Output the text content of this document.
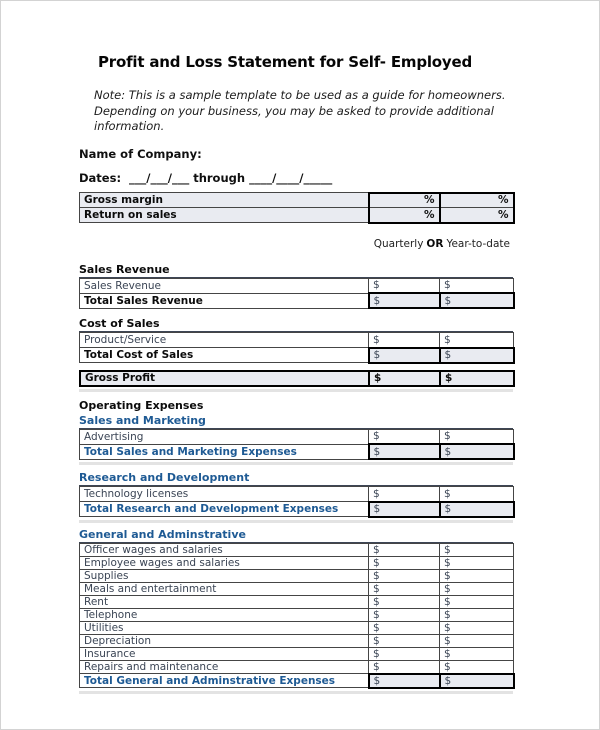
Profit and Loss Statement for Self- Employed
Note: This is a sample template to be used as a guide for homeowners.
Depending on your business, you may be asked to provide additional information.
Name of Company:
Dates: ___/___/___ through ____/____/_____
Gross margin	%	%
Return on sales	%	%
Quarterly OR Year-to-date
Sales Revenue
Sales Revenue	$	$
Total Sales Revenue	$	$
Cost of Sales
Product/Service	$	$
Total Cost of Sales	$	$
Gross Profit	$	$
Operating Expenses
Sales and Marketing
Advertising	$	$
Total Sales and Marketing Expenses	$	$
Research and Development
Technology licenses	$	$
Total Research and Development Expenses	$	$
General and Adminstrative
Officer wages and salaries	$	$
Employee wages and salaries	$	$
Supplies	$	$
Meals and entertainment	$	$
Rent	$	$
Telephone	$	$
Utilities	$	$
Depreciation	$	$
Insurance	$	$
Repairs and maintenance	$	$
Total General and Adminstrative Expenses	$	$
